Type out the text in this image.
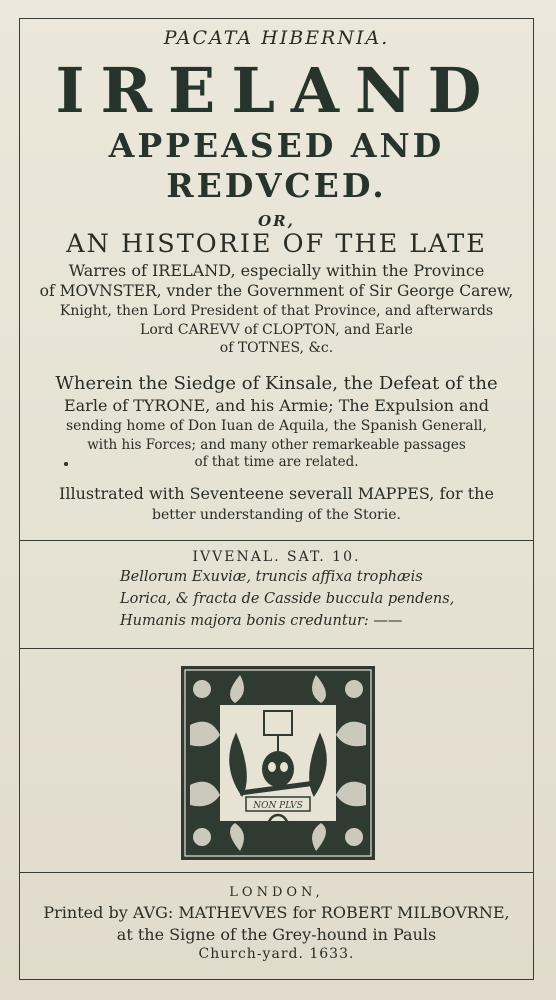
PACATA HIBERNIA.
IRELAND
APPEASED AND
REDVCED.
OR,
AN HISTORIE OF THE LATE
Warres of IRELAND, especially within the Province
of MOVNSTER, vnder the Government of Sir George Carew,
Knight, then Lord President of that Province, and afterwards
Lord CAREVV of CLOPTON, and Earle
of TOTNES, &c.
Wherein the Siedge of Kinsale, the Defeat of the
Earle of TYRONE, and his Armie; The Expulsion and
sending home of Don Iuan de Aquila, the Spanish Generall,
with his Forces; and many other remarkeable passages
of that time are related.
Illustrated with Seventeene severall MAPPES, for the
better understanding of the Storie.
IVVENAL. SAT. 10.
Bellorum Exuviæ, truncis affixa trophæis
Lorica, & fracta de Casside buccula pendens,
Humanis majora bonis creduntur: ——
NON PLVS
LONDON,
Printed by AVG: MATHEVVES for ROBERT MILBOVRNE,
at the Signe of the Grey-hound in Pauls
Church-yard. 1633.
